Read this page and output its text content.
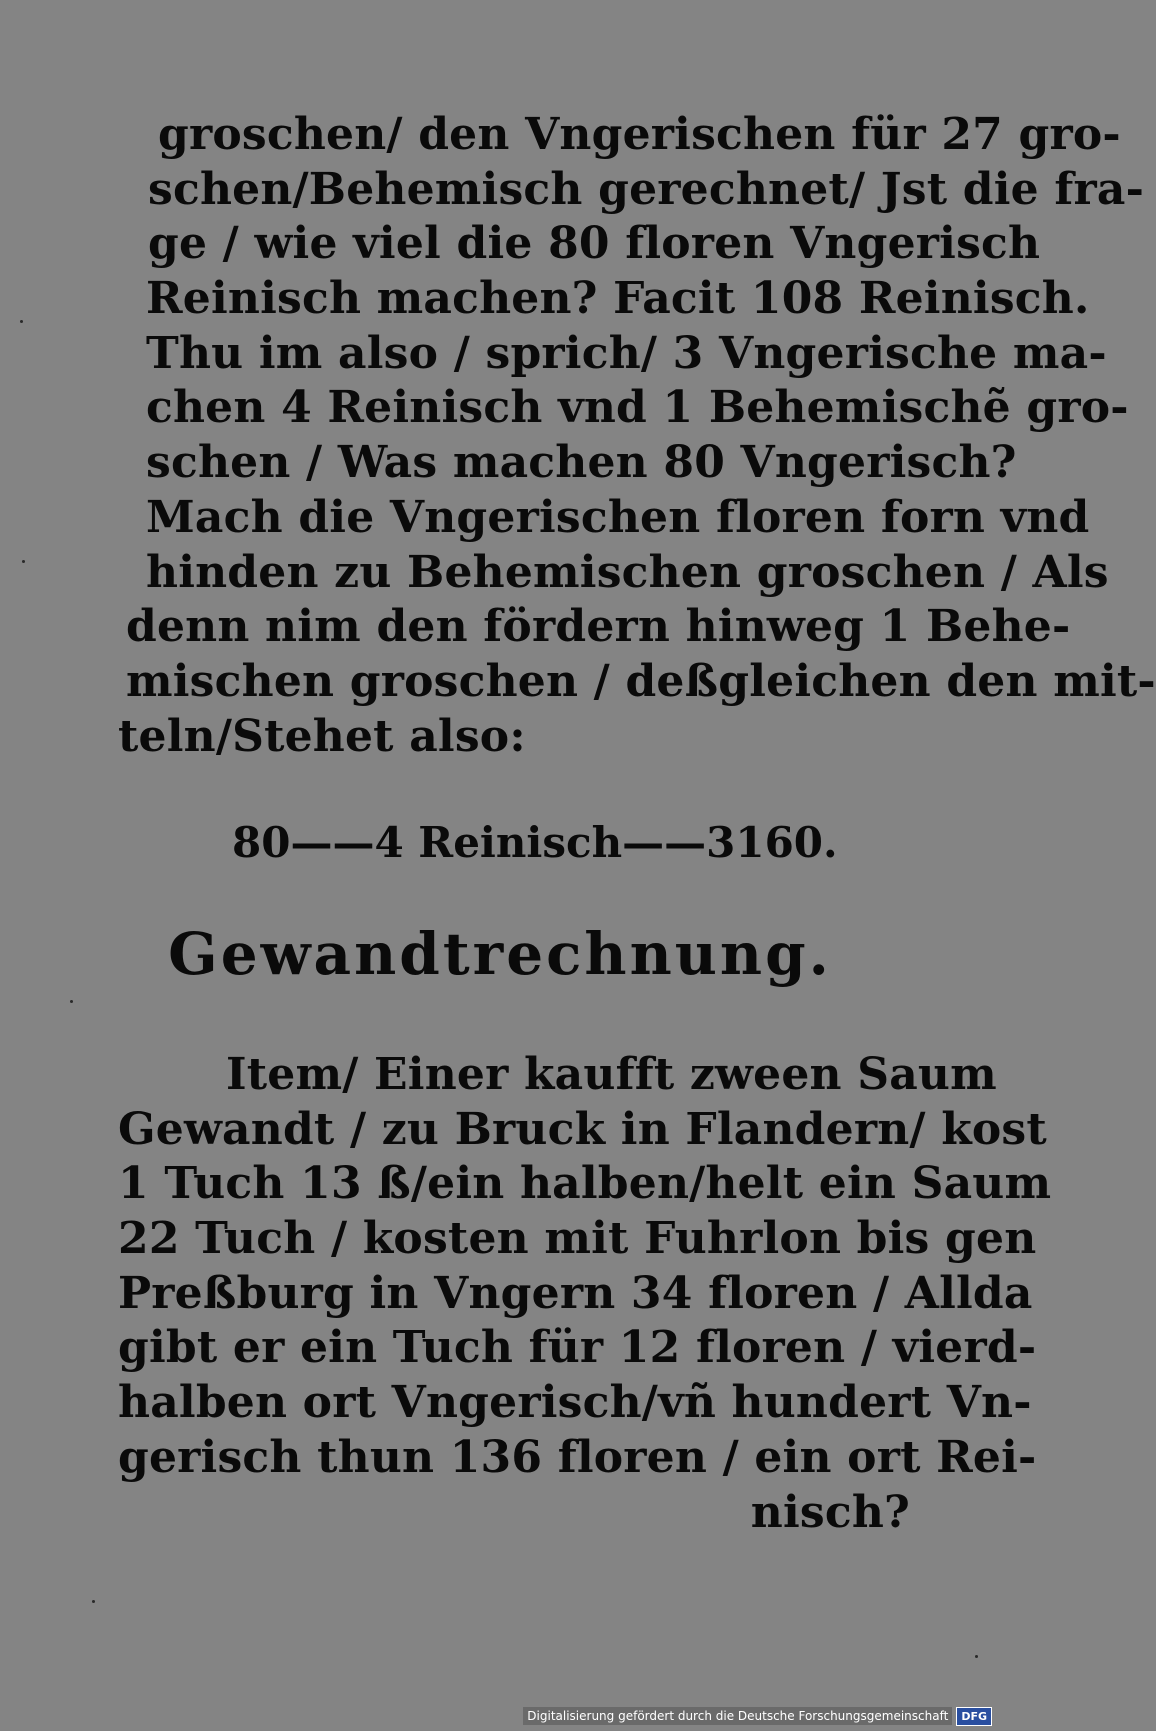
groschen/ den Vngerischen für 27 gro-
schen/Behemisch gerechnet/ Jst die fra-
ge / wie viel die 80 floren Vngerisch
Reinisch machen? Facit 108 Reinisch.
Thu im also / sprich/ 3 Vngerische ma-
chen 4 Reinisch vnd 1 Behemischẽ gro-
schen / Was machen 80 Vngerisch?
Mach die Vngerischen floren forn vnd
hinden zu Behemischen groschen / Als
denn nim den fördern hinweg 1 Behe-
mischen groschen / deßgleichen den mit-
teln/Stehet also:
80——4 Reinisch——3160.
Gewandtrechnung.
Item/ Einer kaufft zween Saum
Gewandt / zu Bruck in Flandern/ kost
1 Tuch 13 ß/ein halben/helt ein Saum
22 Tuch / kosten mit Fuhrlon bis gen
Preßburg in Vngern 34 floren / Allda
gibt er ein Tuch für 12 floren / vierd-
halben ort Vngerisch/vñ hundert Vn-
gerisch thun 136 floren / ein ort Rei-
nisch?
Digitalisierung gefördert durch die Deutsche Forschungsgemeinschaft	DFG
